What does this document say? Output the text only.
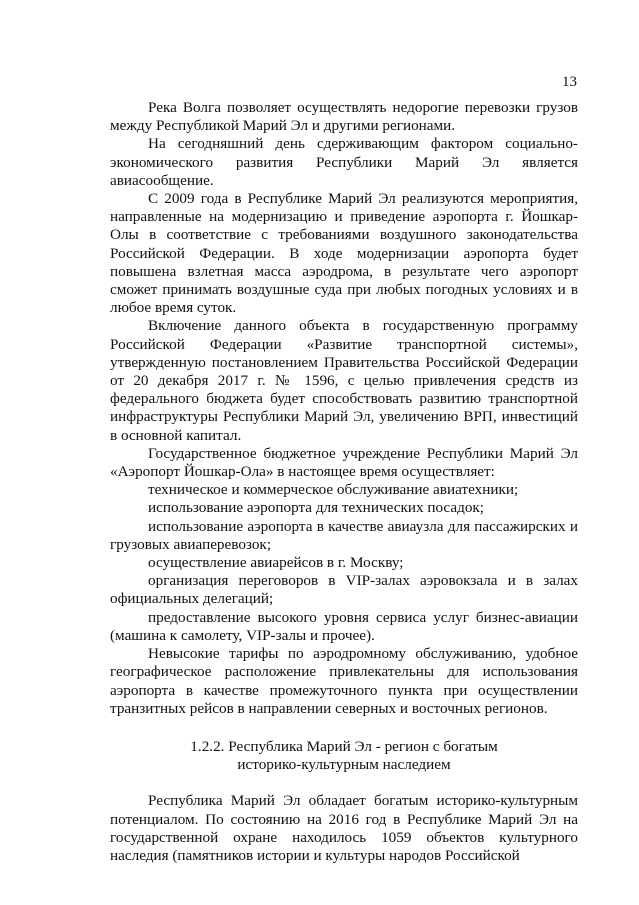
13

Река Волга позволяет осуществлять недорогие перевозки грузов между Республикой Марий Эл и другими регионами.

На сегодняшний день сдерживающим фактором социально-экономического развития Республики Марий Эл является авиасообщение.

С 2009 года в Республике Марий Эл реализуются мероприятия, направленные на модернизацию и приведение аэропорта г. Йошкар-Олы в соответствие с требованиями воздушного законодательства Российской Федерации. В ходе модернизации аэропорта будет повышена взлетная масса аэродрома, в результате чего аэропорт сможет принимать воздушные суда при любых погодных условиях и в любое время суток.

Включение данного объекта в государственную программу Российской Федерации «Развитие транспортной системы», утвержденную постановлением Правительства Российской Федерации от 20 декабря 2017 г. № 1596, с целью привлечения средств из федерального бюджета будет способствовать развитию транспортной инфраструктуры Республики Марий Эл, увеличению ВРП, инвестиций в основной капитал.

Государственное бюджетное учреждение Республики Марий Эл «Аэропорт Йошкар-Ола» в настоящее время осуществляет:

техническое и коммерческое обслуживание авиатехники;

использование аэропорта для технических посадок;

использование аэропорта в качестве авиаузла для пассажирских и грузовых авиаперевозок;

осуществление авиарейсов в г. Москву;

организация переговоров в VIP-залах аэровокзала и в залах официальных делегаций;

предоставление высокого уровня сервиса услуг бизнес-авиации (машина к самолету, VIP-залы и прочее).

Невысокие тарифы по аэродромному обслуживанию, удобное географическое расположение привлекательны для использования аэропорта в качестве промежуточного пункта при осуществлении транзитных рейсов в направлении северных и восточных регионов.

1.2.2. Республика Марий Эл - регион с богатым
историко-культурным наследием

Республика Марий Эл обладает богатым историко-культурным потенциалом. По состоянию на 2016 год в Республике Марий Эл на государственной охране находилось 1059 объектов культурного наследия (памятников истории и культуры народов Российской
